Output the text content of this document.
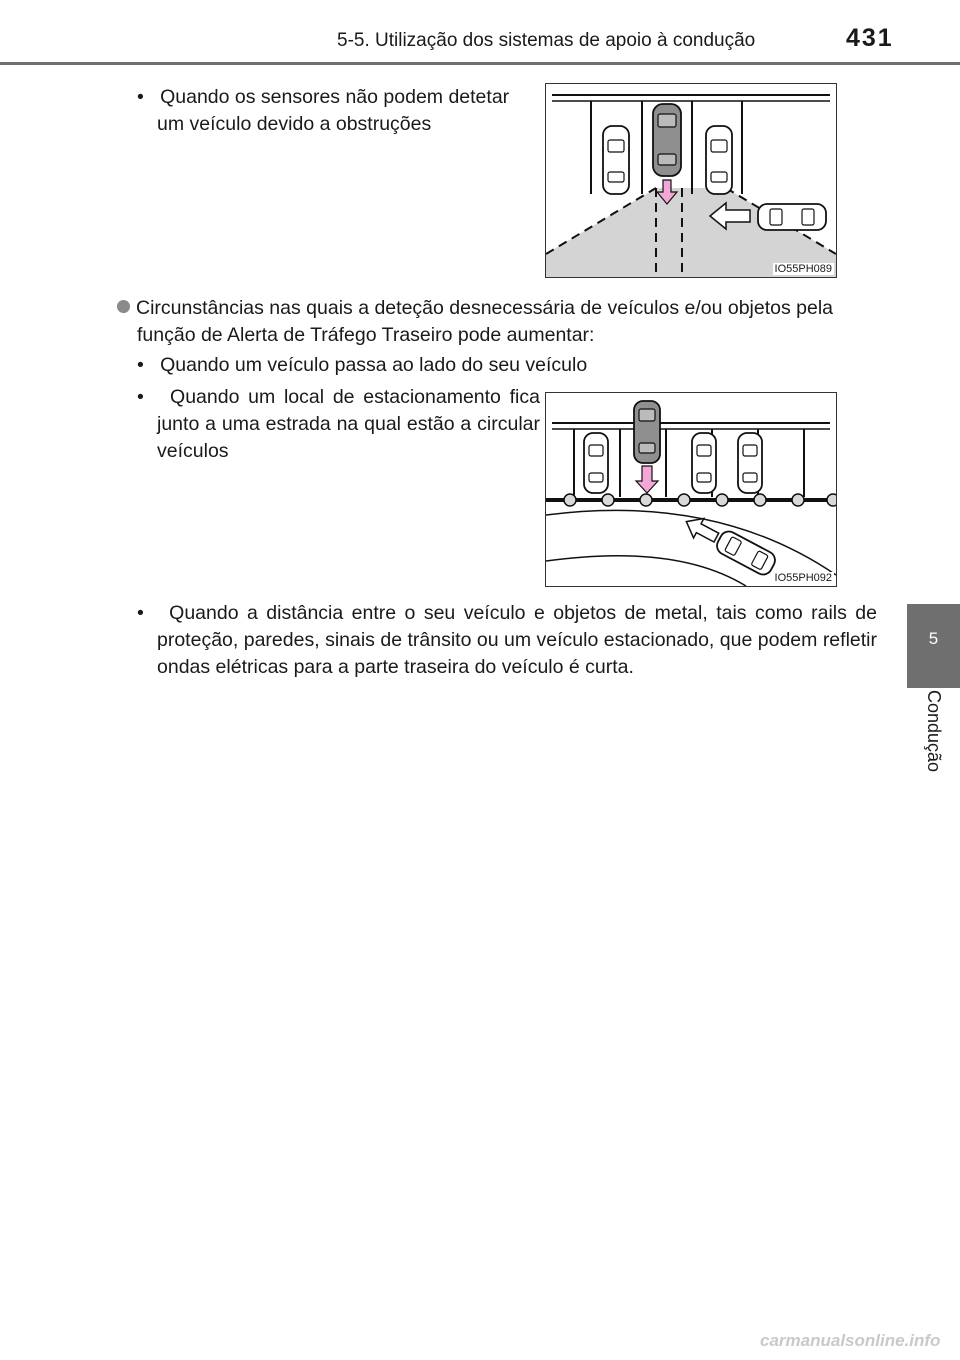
5-5. Utilização dos sistemas de apoio à condução	431
5
Condução
•   Quando os sensores não podem detetar um veículo devido a obstruções
IO55PH089
Circunstâncias nas quais a deteção desnecessária de veículos e/ou objetos pela função de Alerta de Tráfego Traseiro pode aumentar:
•   Quando um veículo passa ao lado do seu veículo
•   Quando um local de estacionamento fica junto a uma estrada na qual estão a circular veículos
IO55PH092
•   Quando a distância entre o seu veículo e objetos de metal, tais como rails de proteção, paredes, sinais de trânsito ou um veículo estacionado, que podem refletir ondas elétricas para a parte traseira do veículo é curta.
carmanualsonline.info
